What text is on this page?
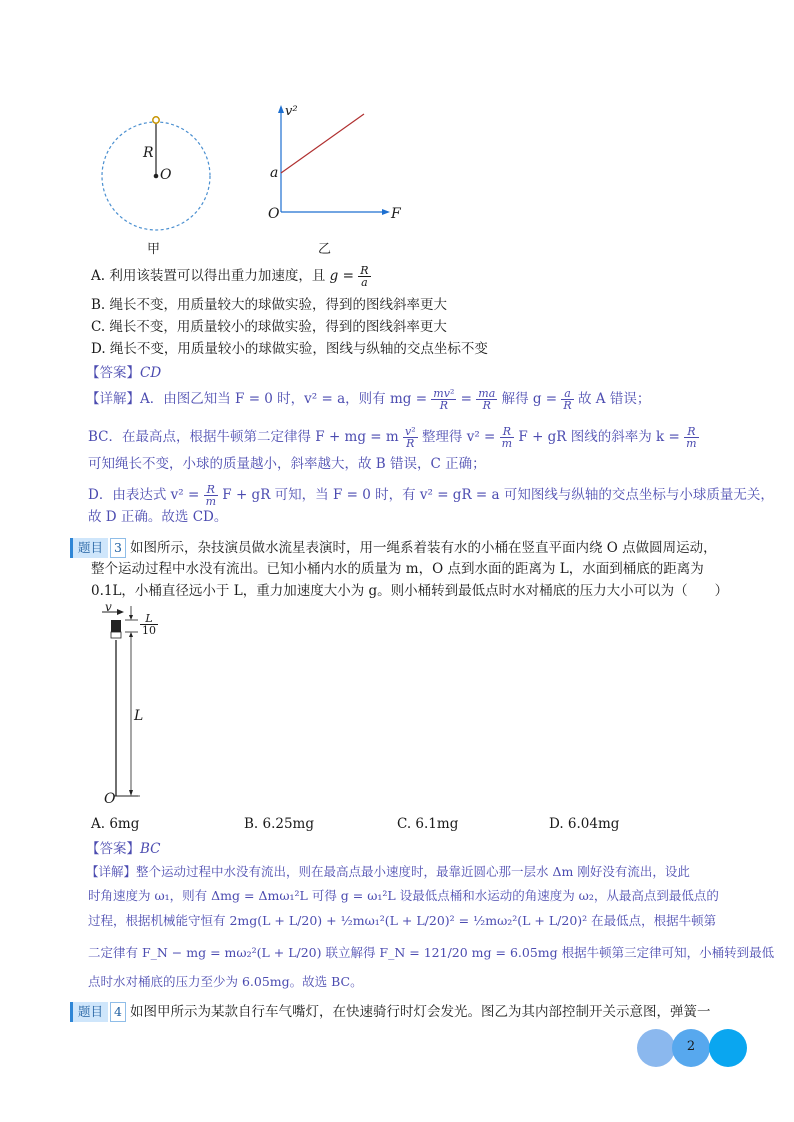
R
O
甲
v²
a
O	F
乙
A. 利用该装置可以得出重力加速度，且 $g = \frac{R}{a}$
B. 绳长不变，用质量较大的球做实验，得到的图线斜率更大
C. 绳长不变，用质量较小的球做实验，得到的图线斜率更大
D. 绳长不变，用质量较小的球做实验，图线与纵轴的交点坐标不变
【答案】CD
【详解】A．由图乙知当 F = 0 时，v² = a，则有 mg = $\frac{\text{mv²}}{R} = \frac{ma}{R}$ 解得 $g = \frac{a}{R}$ 故 A 错误；
BC．在最高点，根据牛顿第二定律得 F + mg = m $\frac{\text{v²}}{R}$ 整理得 $v^2 = \frac{R}{m}$ F + gR 图线的斜率为 $k = \frac{R}{m}$
可知绳长不变，小球的质量越小，斜率越大，故 B 错误，C 正确；
D．由表达式 $v^2 = \frac{R}{m}$ F + gR 可知，当 F = 0 时，有 v² = gR = a 可知图线与纵轴的交点坐标与小球质量无关，
故 D 正确。故选 CD。
题目 3 如图所示，杂技演员做水流星表演时，用一绳系着装有水的小桶在竖直平面内绕 O 点做圆周运动，
整个运动过程中水没有流出。已知小桶内水的质量为 m，O 点到水面的距离为 L，水面到桶底的距离为
0.1L，小桶直径远小于 L，重力加速度大小为 g。则小桶转到最低点时水对桶底的压力大小可以为（　　）
v
$\frac{L}{10}$
L
O
A. 6mg	B. 6.25mg	C. 6.1mg	D. 6.04mg
【答案】BC
【详解】整个运动过程中水没有流出，则在最高点最小速度时，最靠近圆心那一层水 Δm 刚好没有流出，设此
时角速度为 ω₁，则有 Δmg = Δmω₁²L 可得 g = ω₁²L 设最低点桶和水运动的角速度为 ω₂，从最高点到最低点的
过程，根据机械能守恒有 2mg(L + L/20) + ½mω₁²(L + L/20)² = ½mω₂²(L + L/20)² 在最低点，根据牛顿第
二定律有 F_N − mg = mω₂²(L + L/20) 联立解得 F_N = 121/20 mg = 6.05mg 根据牛顿第三定律可知，小桶转到最低
点时水对桶底的压力至少为 6.05mg。故选 BC。
题目 4 如图甲所示为某款自行车气嘴灯，在快速骑行时灯会发光。图乙为其内部控制开关示意图，弹簧一
2
